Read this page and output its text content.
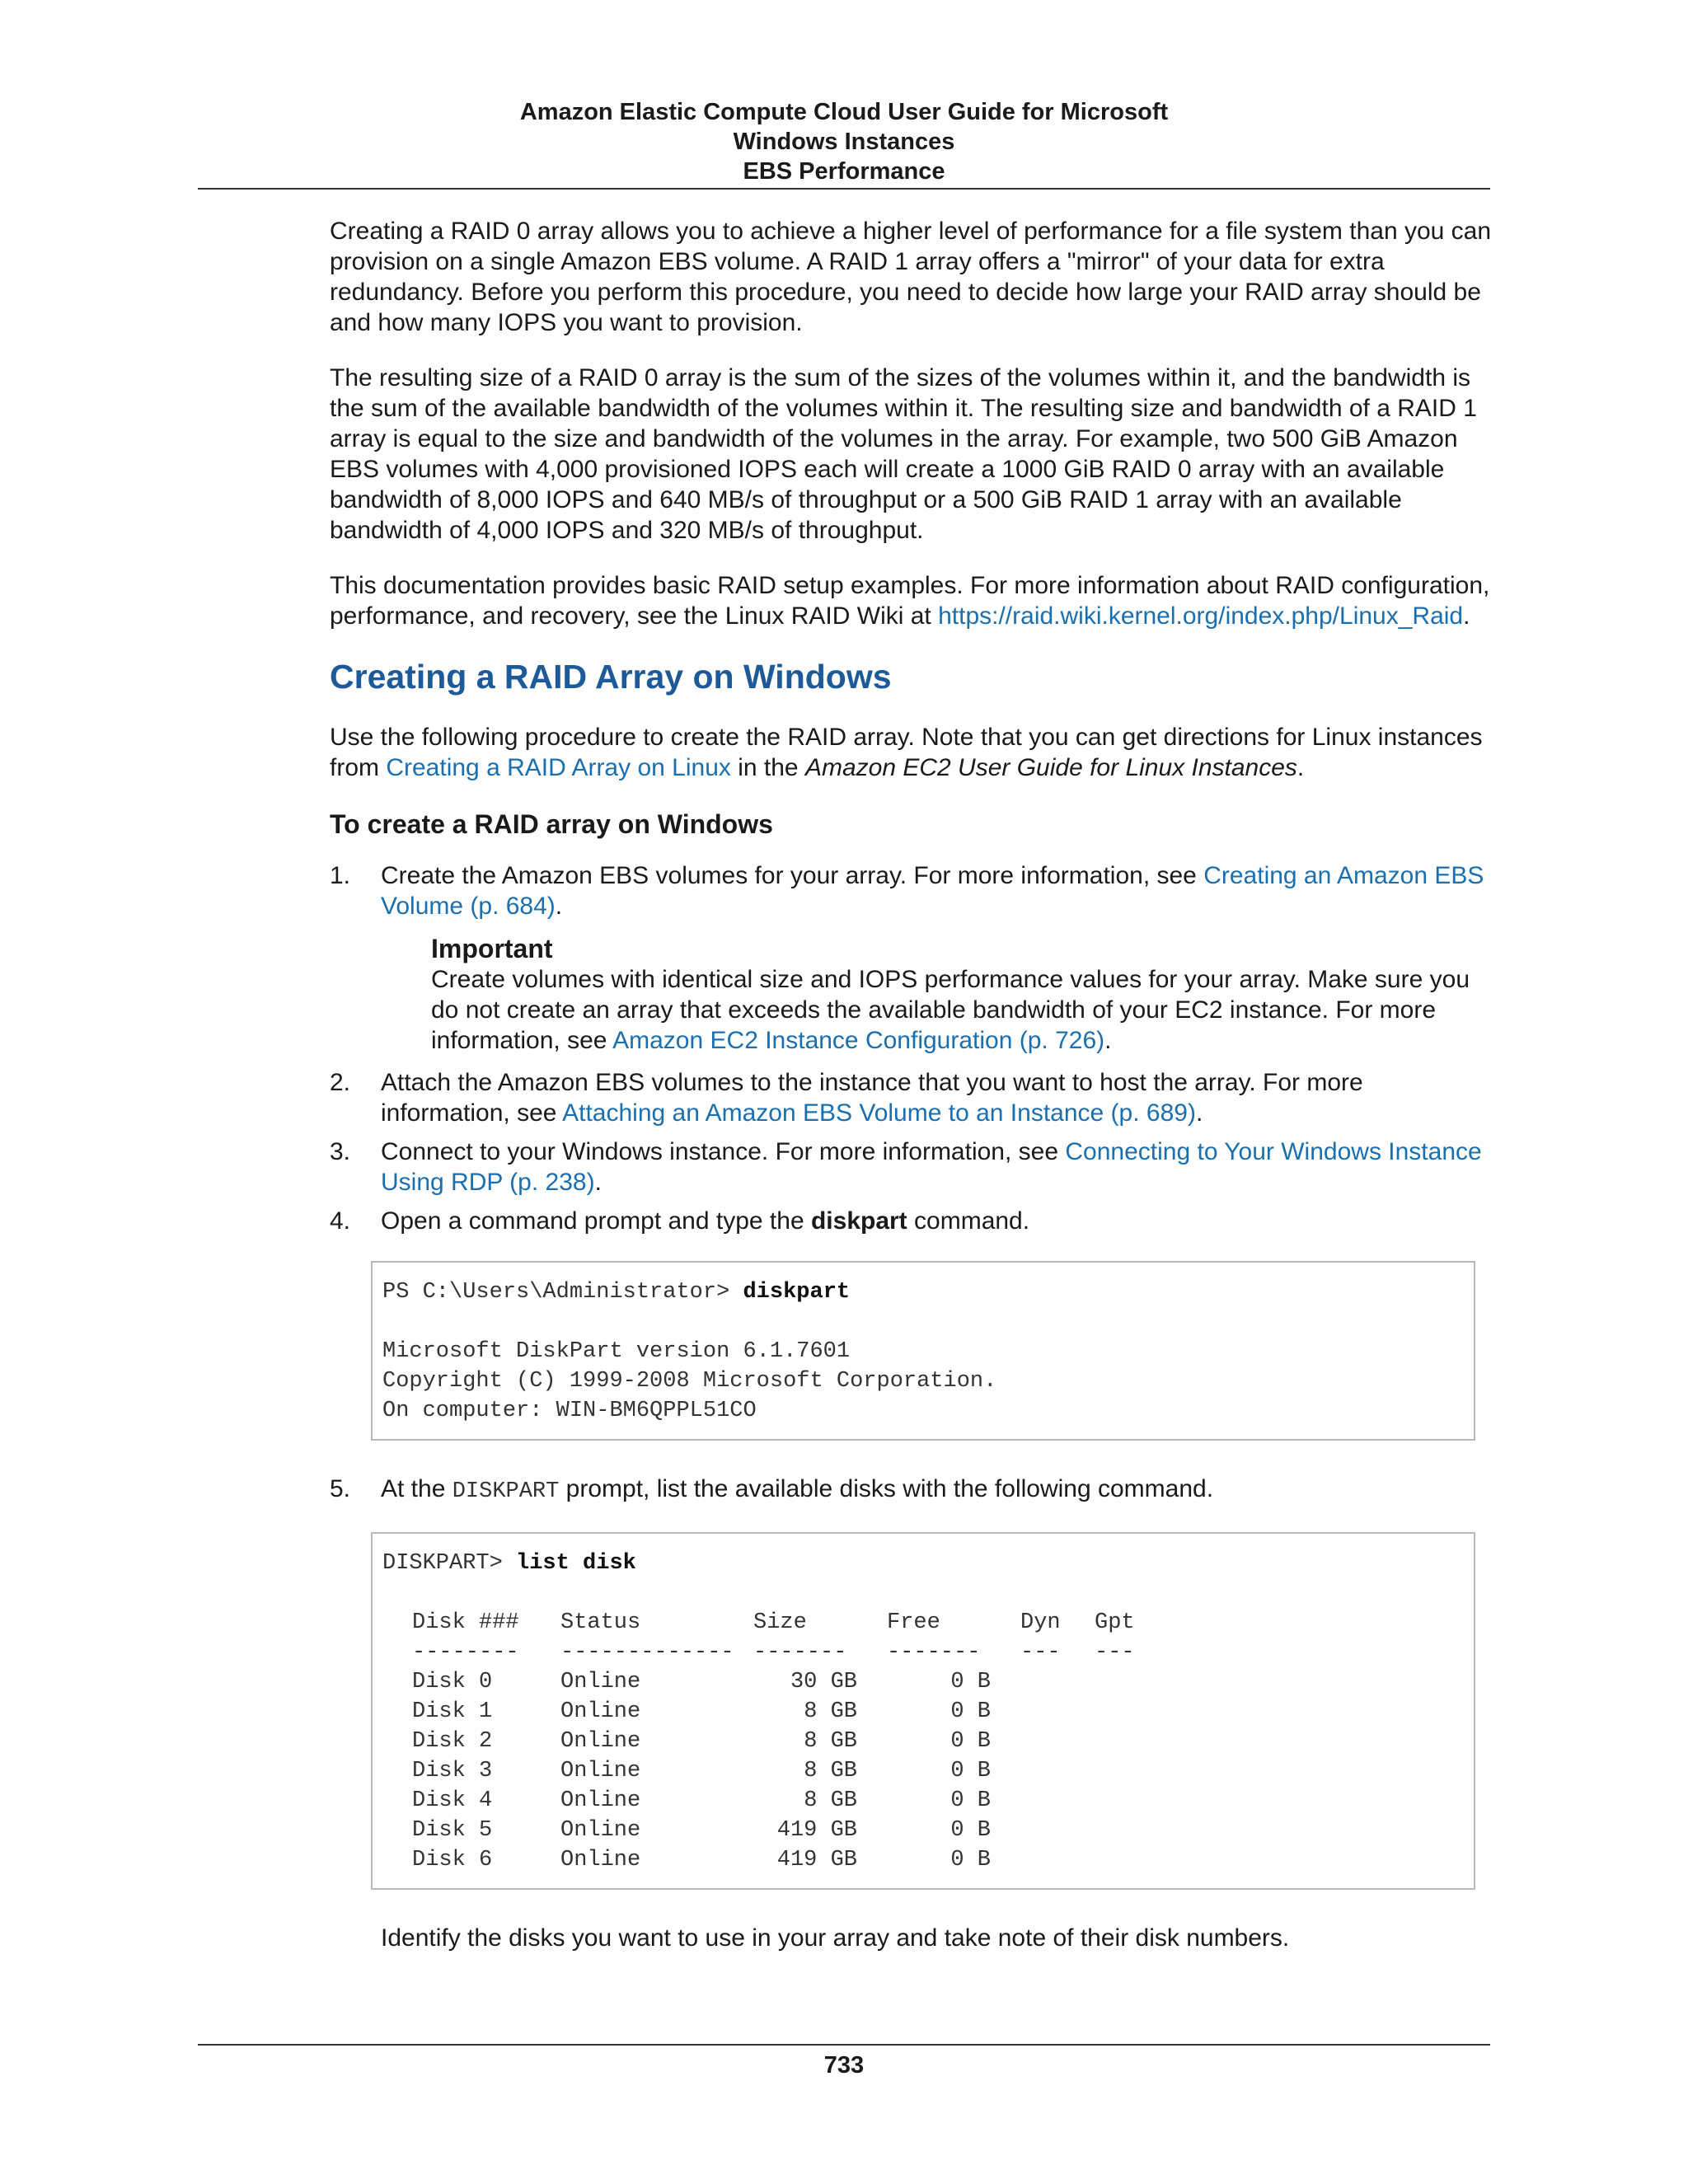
Amazon Elastic Compute Cloud User Guide for Microsoft
Windows Instances
EBS Performance

Creating a RAID 0 array allows you to achieve a higher level of performance for a file system than you can provision on a single Amazon EBS volume. A RAID 1 array offers a "mirror" of your data for extra redundancy. Before you perform this procedure, you need to decide how large your RAID array should be and how many IOPS you want to provision.

The resulting size of a RAID 0 array is the sum of the sizes of the volumes within it, and the bandwidth is the sum of the available bandwidth of the volumes within it. The resulting size and bandwidth of a RAID 1 array is equal to the size and bandwidth of the volumes in the array. For example, two 500 GiB Amazon EBS volumes with 4,000 provisioned IOPS each will create a 1000 GiB RAID 0 array with an available bandwidth of 8,000 IOPS and 640 MB/s of throughput or a 500 GiB RAID 1 array with an available bandwidth of 4,000 IOPS and 320 MB/s of throughput.

This documentation provides basic RAID setup examples. For more information about RAID configuration, performance, and recovery, see the Linux RAID Wiki at https://raid.wiki.kernel.org/index.php/Linux_Raid.

Creating a RAID Array on Windows

Use the following procedure to create the RAID array. Note that you can get directions for Linux instances from Creating a RAID Array on Linux in the Amazon EC2 User Guide for Linux Instances.

To create a RAID array on Windows
1. Create the Amazon EBS volumes for your array. For more information, see Creating an Amazon EBS Volume (p. 684).
Important
Create volumes with identical size and IOPS performance values for your array. Make sure you do not create an array that exceeds the available bandwidth of your EC2 instance. For more information, see Amazon EC2 Instance Configuration (p. 726).
2. Attach the Amazon EBS volumes to the instance that you want to host the array. For more information, see Attaching an Amazon EBS Volume to an Instance (p. 689).
3. Connect to your Windows instance. For more information, see Connecting to Your Windows Instance Using RDP (p. 238).
4. Open a command prompt and type the diskpart command.
PS C:\Users\Administrator> diskpart

Microsoft DiskPart version 6.1.7601
Copyright (C) 1999-2008 Microsoft Corporation.
On computer: WIN-BM6QPPL51CO
5. At the DISKPART prompt, list the available disks with the following command.
DISKPART> list disk
Disk ###	Status	Size		Free		Dyn	Gpt
--------	-------------	-------		-------		---	---
Disk 0	Online	30 GB		0 B			
Disk 1	Online	8 GB		0 B			
Disk 2	Online	8 GB		0 B			
Disk 3	Online	8 GB		0 B			
Disk 4	Online	8 GB		0 B			
Disk 5	Online	419 GB		0 B			
Disk 6	Online	419 GB		0 B			

Identify the disks you want to use in your array and take note of their disk numbers.

733
